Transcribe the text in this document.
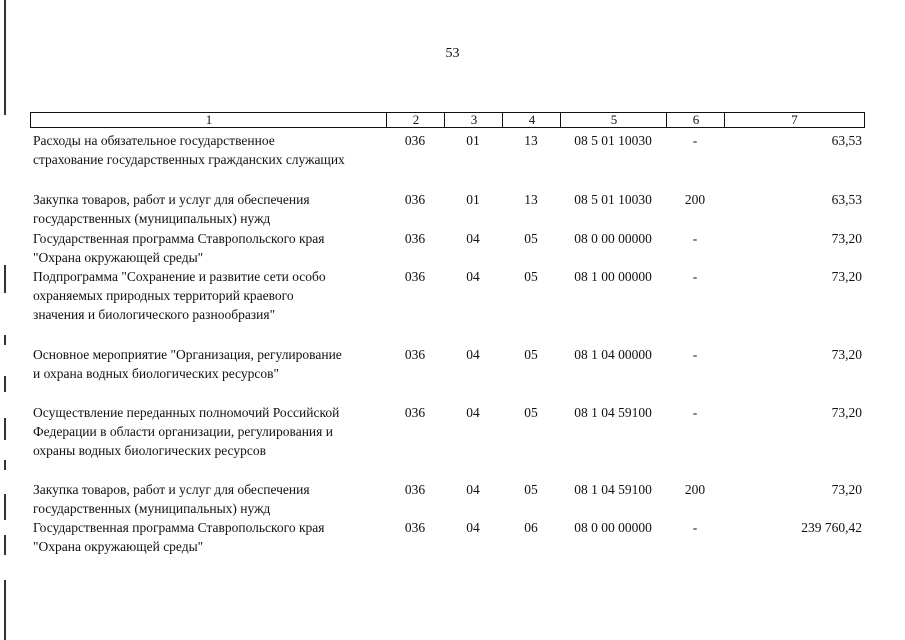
53
1	2	3	4	5	6	7
Расходы на обязательное государственное
страхование государственных гражданских служащих
036	01	13	08 5 01 10030	-	63,53
Закупка товаров, работ и услуг для обеспечения
государственных (муниципальных) нужд
036	01	13	08 5 01 10030	200	63,53
Государственная программа Ставропольского края
"Охрана окружающей среды"
036	04	05	08 0 00 00000	-	73,20
Подпрограмма "Сохранение и развитие сети особо
охраняемых природных территорий краевого
значения и биологического разнообразия"
036	04	05	08 1 00 00000	-	73,20
Основное мероприятие "Организация, регулирование
и охрана водных биологических ресурсов"
036	04	05	08 1 04 00000	-	73,20
Осуществление переданных полномочий Российской
Федерации в области организации, регулирования и
охраны водных биологических ресурсов
036	04	05	08 1 04 59100	-	73,20
Закупка товаров, работ и услуг для обеспечения
государственных (муниципальных) нужд
036	04	05	08 1 04 59100	200	73,20
Государственная программа Ставропольского края
"Охрана окружающей среды"
036	04	06	08 0 00 00000	-	239 760,42
